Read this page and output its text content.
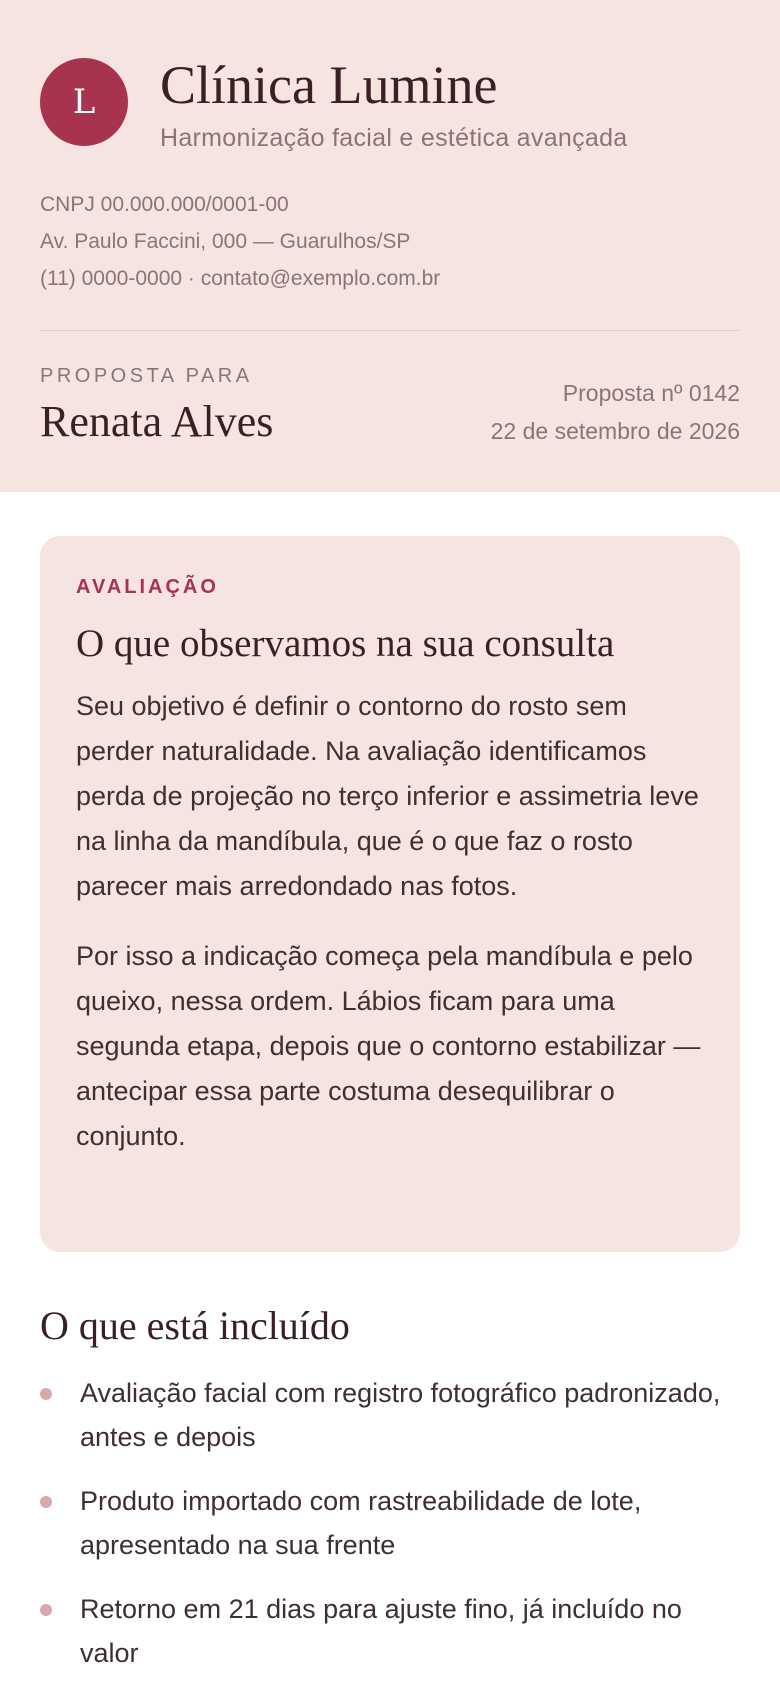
L	Clínica Lumine
Harmonização facial e estética avançada
CNPJ 00.000.000/0001-00
Av. Paulo Faccini, 000 — Guarulhos/SP
(11) 0000-0000 · contato@exemplo.com.br
PROPOSTA PARA
Renata Alves
Proposta nº 0142
22 de setembro de 2026
AVALIAÇÃO
O que observamos na sua consulta

Seu objetivo é definir o contorno do rosto sem perder naturalidade. Na avaliação identificamos perda de projeção no terço inferior e assimetria leve na linha da mandíbula, que é o que faz o rosto parecer mais arredondado nas fotos.

Por isso a indicação começa pela mandíbula e pelo queixo, nessa ordem. Lábios ficam para uma segunda etapa, depois que o contorno estabilizar — antecipar essa parte costuma desequilibrar o conjunto.

O que está incluído
Avaliação facial com registro fotográfico padronizado, antes e depois
Produto importado com rastreabilidade de lote, apresentado na sua frente
Retorno em 21 dias para ajuste fino, já incluído no valor
